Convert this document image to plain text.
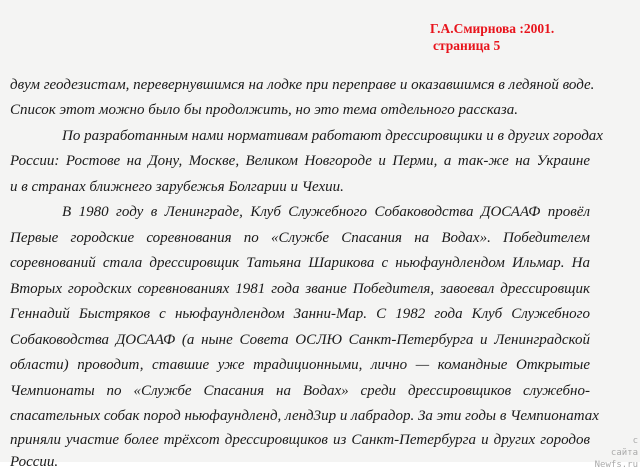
Г.А.Смирнова :2001.
страница 5
двум геодезистам, перевернувшимся на лодке при переправе и оказавшимся в ледяной воде.
Список этот можно было бы продолжить, но это тема отдельного рассказа.
По разработанным нами нормативам работают дрессировщики и в других городах
России: Ростове на Дону, Москве, Великом Новгороде и Перми, а так-же на Украине
и в странах ближнего зарубежья Болгарии и Чехии.
В 1980 году в Ленинграде, Клуб Служебного Собаководства ДОСААФ провёл
Первые городские соревнования по «Службе Спасания на Водах». Победителем
соревнований стала дрессировщик Татьяна Шарикова с ньюфаундлендом Ильмар. На
Вторых городских соревнованиях 1981 года звание Победителя, завоевал дрессировщик
Геннадий Быстряков с ньюфаундлендом Занни-Мар. С 1982 года Клуб Служебного
Собаководства ДОСААФ (а ныне Совета ОСЛЮ Санкт-Петербурга и Ленинградской
области) проводит, ставшие уже традиционными, лично — командные Открытые
Чемпионаты по «Службе Спасания на Водах» среди дрессировщиков служебно-
спасательных собак пород ньюфаундленд, ленд3ир и лабрадор. За эти годы в Чемпионатах
приняли участие более трёхсот дрессировщиков из Санкт-Петербурга и других городов
России.
с
сайта
Newfs.ru
